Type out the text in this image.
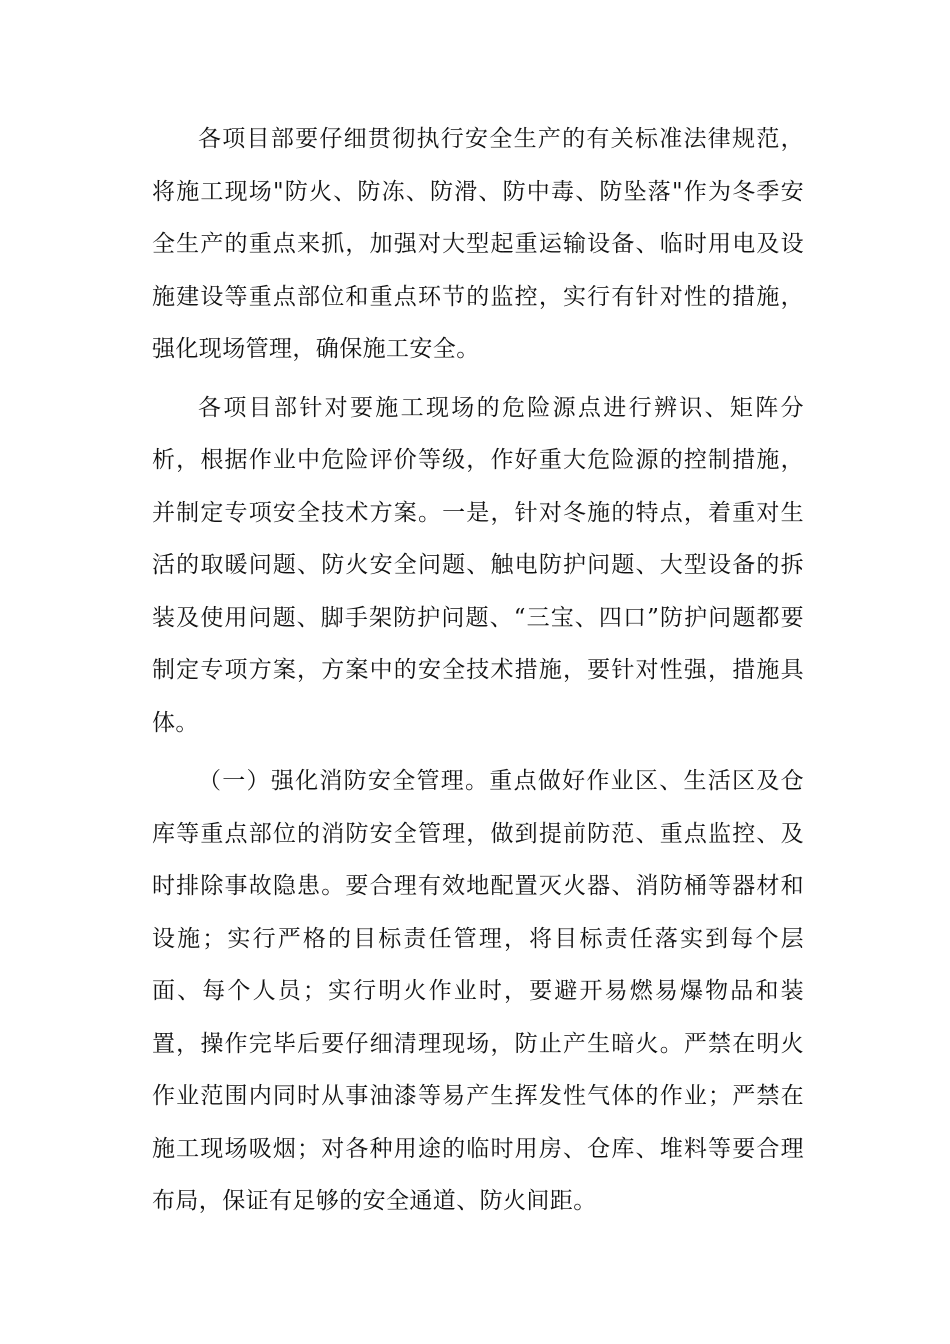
各项目部要仔细贯彻执行安全生产的有关标准法律规范，将施工现场"防火、防冻、防滑、防中毒、防坠落"作为冬季安全生产的重点来抓，加强对大型起重运输设备、临时用电及设施建设等重点部位和重点环节的监控，实行有针对性的措施，强化现场管理，确保施工安全。

各项目部针对要施工现场的危险源点进行辨识、矩阵分析，根据作业中危险评价等级，作好重大危险源的控制措施，并制定专项安全技术方案。一是，针对冬施的特点，着重对生活的取暖问题、防火安全问题、触电防护问题、大型设备的拆装及使用问题、脚手架防护问题、“三宝、四口”防护问题都要制定专项方案，方案中的安全技术措施，要针对性强，措施具体。

（一）强化消防安全管理。重点做好作业区、生活区及仓库等重点部位的消防安全管理，做到提前防范、重点监控、及时排除事故隐患。要合理有效地配置灭火器、消防桶等器材和设施；实行严格的目标责任管理，将目标责任落实到每个层面、每个人员；实行明火作业时，要避开易燃易爆物品和装置，操作完毕后要仔细清理现场，防止产生暗火。严禁在明火作业范围内同时从事油漆等易产生挥发性气体的作业；严禁在施工现场吸烟；对各种用途的临时用房、仓库、堆料等要合理布局，保证有足够的安全通道、防火间距。
